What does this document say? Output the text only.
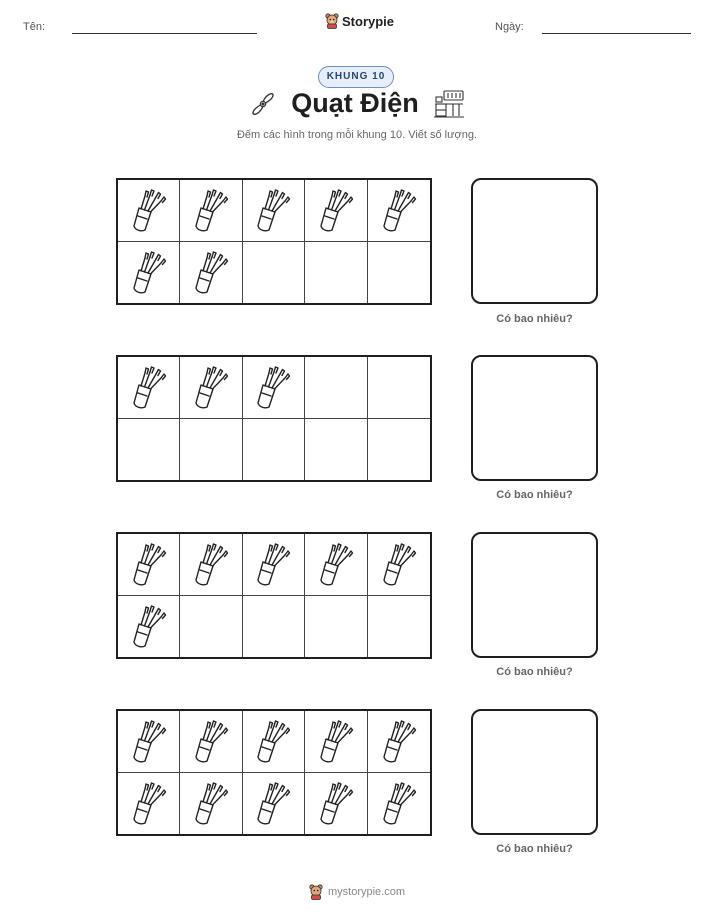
Tên:	Storypie	Ngày:
KHUNG 10
Quạt Điện
Đếm các hình trong mỗi khung 10. Viết số lượng.
Có bao nhiêu?
Có bao nhiêu?
Có bao nhiêu?
Có bao nhiêu?
mystorypie.com
